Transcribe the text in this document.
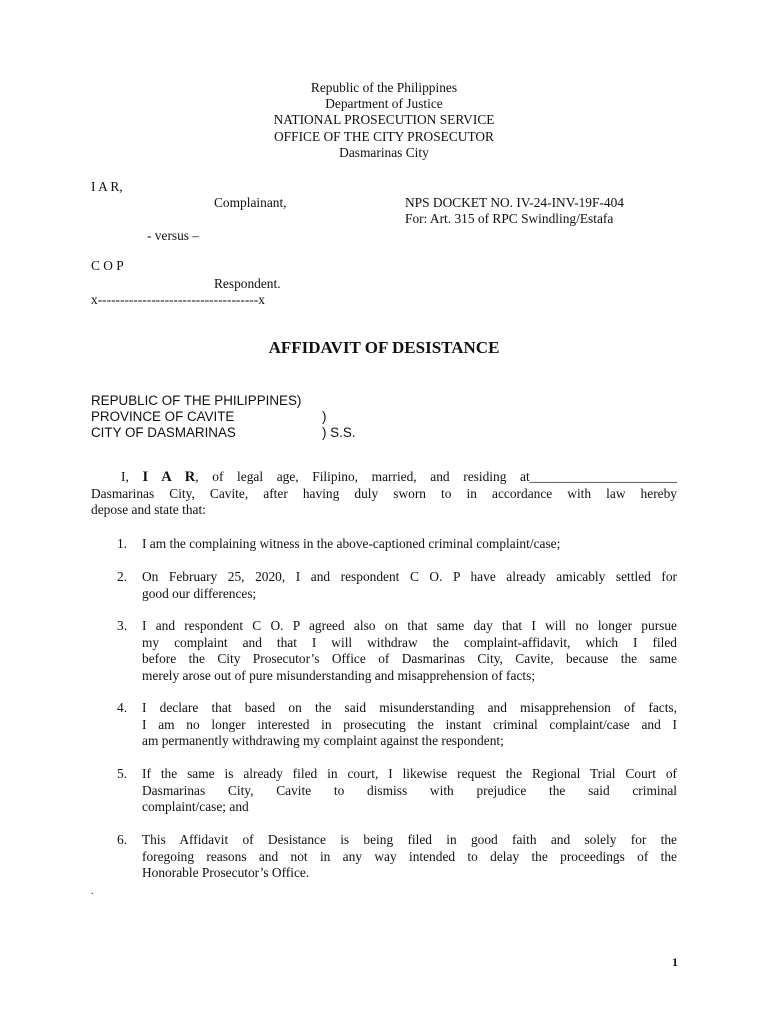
Republic of the Philippines
Department of Justice
NATIONAL PROSECUTION SERVICE
OFFICE OF THE CITY PROSECUTOR
Dasmarinas City
I A R,
Complainant,	NPS DOCKET NO. IV-24-INV-19F-404
For: Art. 315 of RPC Swindling/Estafa
- versus –
C O P
Respondent.
x------------------------------------x
AFFIDAVIT OF DESISTANCE
REPUBLIC OF THE PHILIPPINES)
PROVINCE OF CAVITE	)
CITY OF DASMARINAS	) S.S.
I, I A R, of legal age, Filipino, married, and residing at______________________
Dasmarinas City, Cavite, after having duly sworn to in accordance with law hereby
depose and state that:
1. I am the complaining witness in the above-captioned criminal complaint/case;
2. On February 25, 2020, I and respondent C O. P have already amicably settled for
good our differences;
3. I and respondent C O. P agreed also on that same day that I will no longer pursue
my complaint and that I will withdraw the complaint-affidavit, which I filed
before the City Prosecutor’s Office of Dasmarinas City, Cavite, because the same
merely arose out of pure misunderstanding and misapprehension of facts;
4. I declare that based on the said misunderstanding and misapprehension of facts,
I am no longer interested in prosecuting the instant criminal complaint/case and I
am permanently withdrawing my complaint against the respondent;
5. If the same is already filed in court, I likewise request the Regional Trial Court of
Dasmarinas City, Cavite to dismiss with prejudice the said criminal
complaint/case; and
6. This Affidavit of Desistance is being filed in good faith and solely for the
foregoing reasons and not in any way intended to delay the proceedings of the
Honorable Prosecutor’s Office.
.
1
